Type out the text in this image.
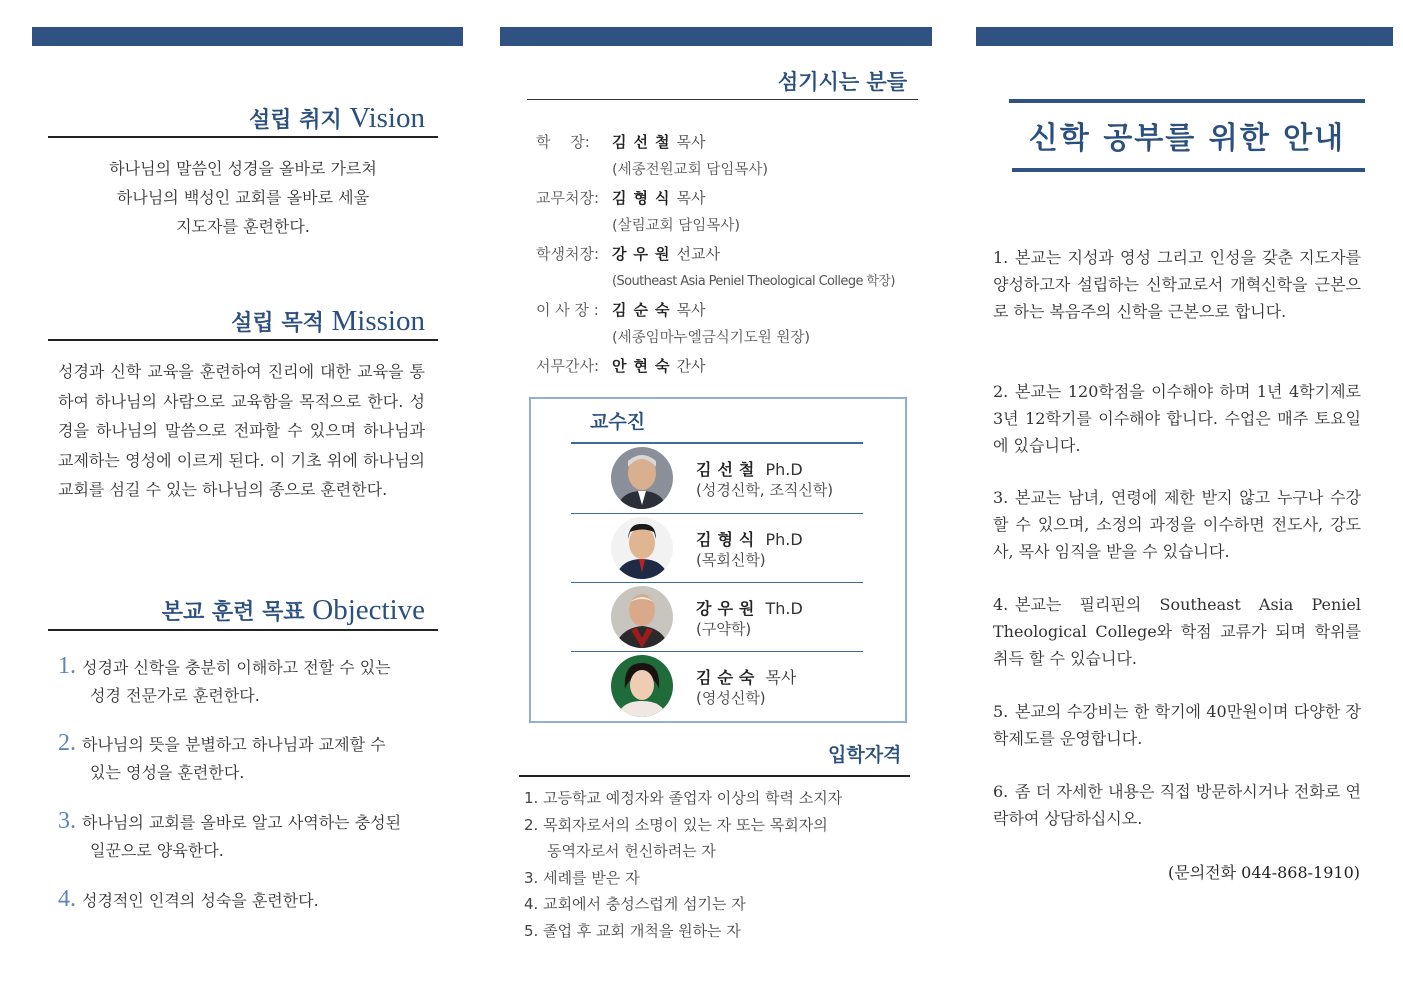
설립 취지 Vision
하나님의 말씀인 성경을 올바로 가르쳐
하나님의 백성인 교회를 올바로 세울
지도자를 훈련한다.
설립 목적 Mission
성경과 신학 교육을 훈련하여 진리에 대한 교육을 통하여 하나님의 사람으로 교육함을 목적으로 한다. 성경을 하나님의 말씀으로 전파할 수 있으며 하나님과 교제하는 영성에 이르게 된다. 이 기초 위에 하나님의 교회를 섬길 수 있는 하나님의 종으로 훈련한다.
본교 훈련 목표 Objective
1. 성경과 신학을 충분히 이해하고 전할 수 있는
성경 전문가로 훈련한다.
2. 하나님의 뜻을 분별하고 하나님과 교제할 수
있는 영성을 훈련한다.
3. 하나님의 교회를 올바로 알고 사역하는 충성된
일꾼으로 양육한다.
4. 성경적인 인격의 성숙을 훈련한다.
섬기시는 분들
학　 장: 김선철목사
(세종전원교회 담임목사)
교무처장: 김형식목사
(살림교회 담임목사)
학생처장: 강우원선교사
(Southeast Asia Peniel Theological College 학장)
이 사 장 : 김순숙목사
(세종임마누엘금식기도원 원장)
서무간사: 안현숙간사
교수진
김선철 Ph.D
(성경신학, 조직신학)
김형식 Ph.D
(목회신학)
강우원 Th.D
(구약학)
김순숙 목사
(영성신학)
입학자격
1. 고등학교 예정자와 졸업자 이상의 학력 소지자
2. 목회자로서의 소명이 있는 자 또는 목회자의
동역자로서 헌신하려는 자
3. 세례를 받은 자
4. 교회에서 충성스럽게 섬기는 자
5. 졸업 후 교회 개척을 원하는 자
신학 공부를 위한 안내
1. 본교는 지성과 영성 그리고 인성을 갖춘 지도자를 양성하고자 설립하는 신학교로서 개혁신학을 근본으로 하는 복음주의 신학을 근본으로 합니다.
2. 본교는 120학점을 이수해야 하며 1년 4학기제로 3년 12학기를 이수해야 합니다. 수업은 매주 토요일에 있습니다.
3. 본교는 남녀, 연령에 제한 받지 않고 누구나 수강할 수 있으며, 소정의 과정을 이수하면 전도사, 강도사, 목사 임직을 받을 수 있습니다.
4. 본교는 필리핀의 Southeast Asia Peniel Theological College와 학점 교류가 되며 학위를 취득 할 수 있습니다.
5. 본교의 수강비는 한 학기에 40만원이며 다양한 장학제도를 운영합니다.
6. 좀 더 자세한 내용은 직접 방문하시거나 전화로 연락하여 상담하십시오.
(문의전화 044-868-1910)
